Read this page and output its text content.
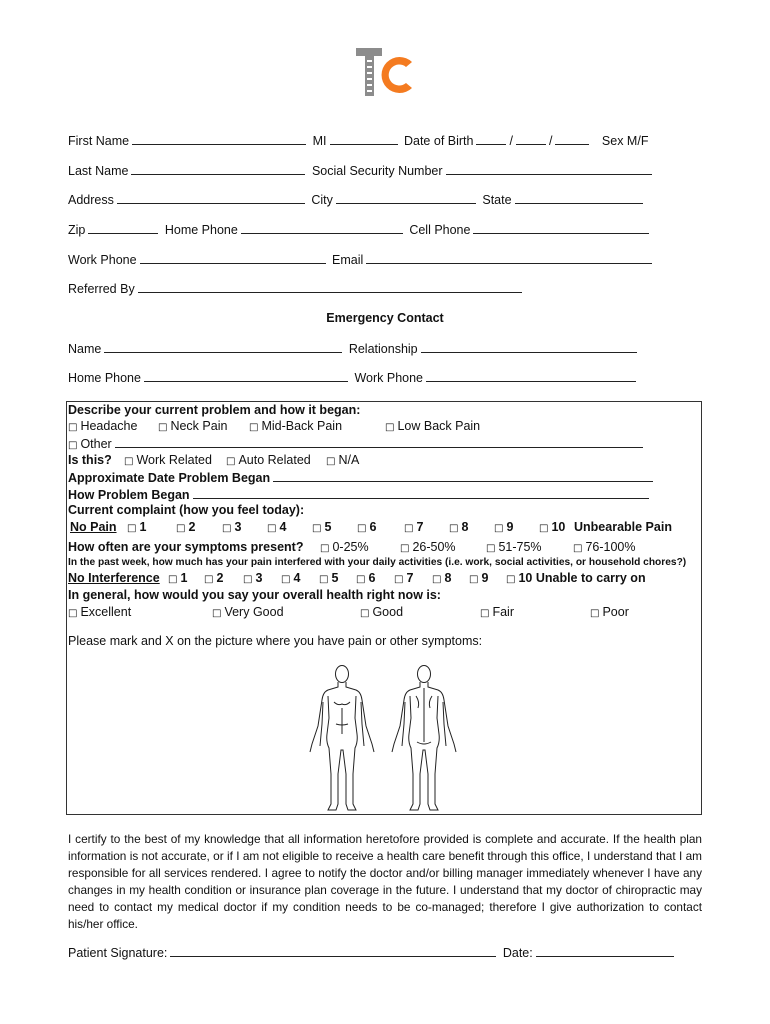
First Name	MI	Date of Birth	/	/	Sex M/F
Last Name	Social Security Number
Address	City	State
Zip	Home Phone	Cell Phone
Work Phone	Email
Referred By
Emergency Contact
Name	Relationship
Home Phone	Work Phone
Describe your current problem and how it began:
□ Headache □ Neck Pain □ Mid-Back Pain	□ Low Back Pain
□ Other
Is this? □ Work Related □ Auto Related □ N/A
Approximate Date Problem Began
How Problem Began
Current complaint (how you feel today):
No Pain □ 1	□ 2	□ 3	□ 4	□ 5	□ 6	□ 7	□ 8	□ 9	□ 10 Unbearable Pain
How often are your symptoms present? □ 0-25%	□ 26-50%	□ 51-75%	□ 76-100%
In the past week, how much has your pain interfered with your daily activities (i.e. work, social activities, or household chores?)
No Interference □ 1 □ 2 □ 3 □ 4 □ 5 □ 6 □ 7 □ 8 □ 9 □ 10 Unable to carry on
In general, how would you say your overall health right now is:
□ Excellent	□ Very Good	□ Good	□ Fair	□ Poor
Please mark and X on the picture where you have pain or other symptoms:
I certify to the best of my knowledge that all information heretofore provided is complete and accurate. If the health plan information is not accurate, or if I am not eligible to receive a health care benefit through this office, I understand that I am responsible for all services rendered. I agree to notify the doctor and/or billing manager immediately whenever I have any changes in my health condition or insurance plan coverage in the future. I understand that my doctor of chiropractic may need to contact my medical doctor if my condition needs to be co-managed; therefore I give authorization to contact his/her office.
Patient Signature:	Date:
